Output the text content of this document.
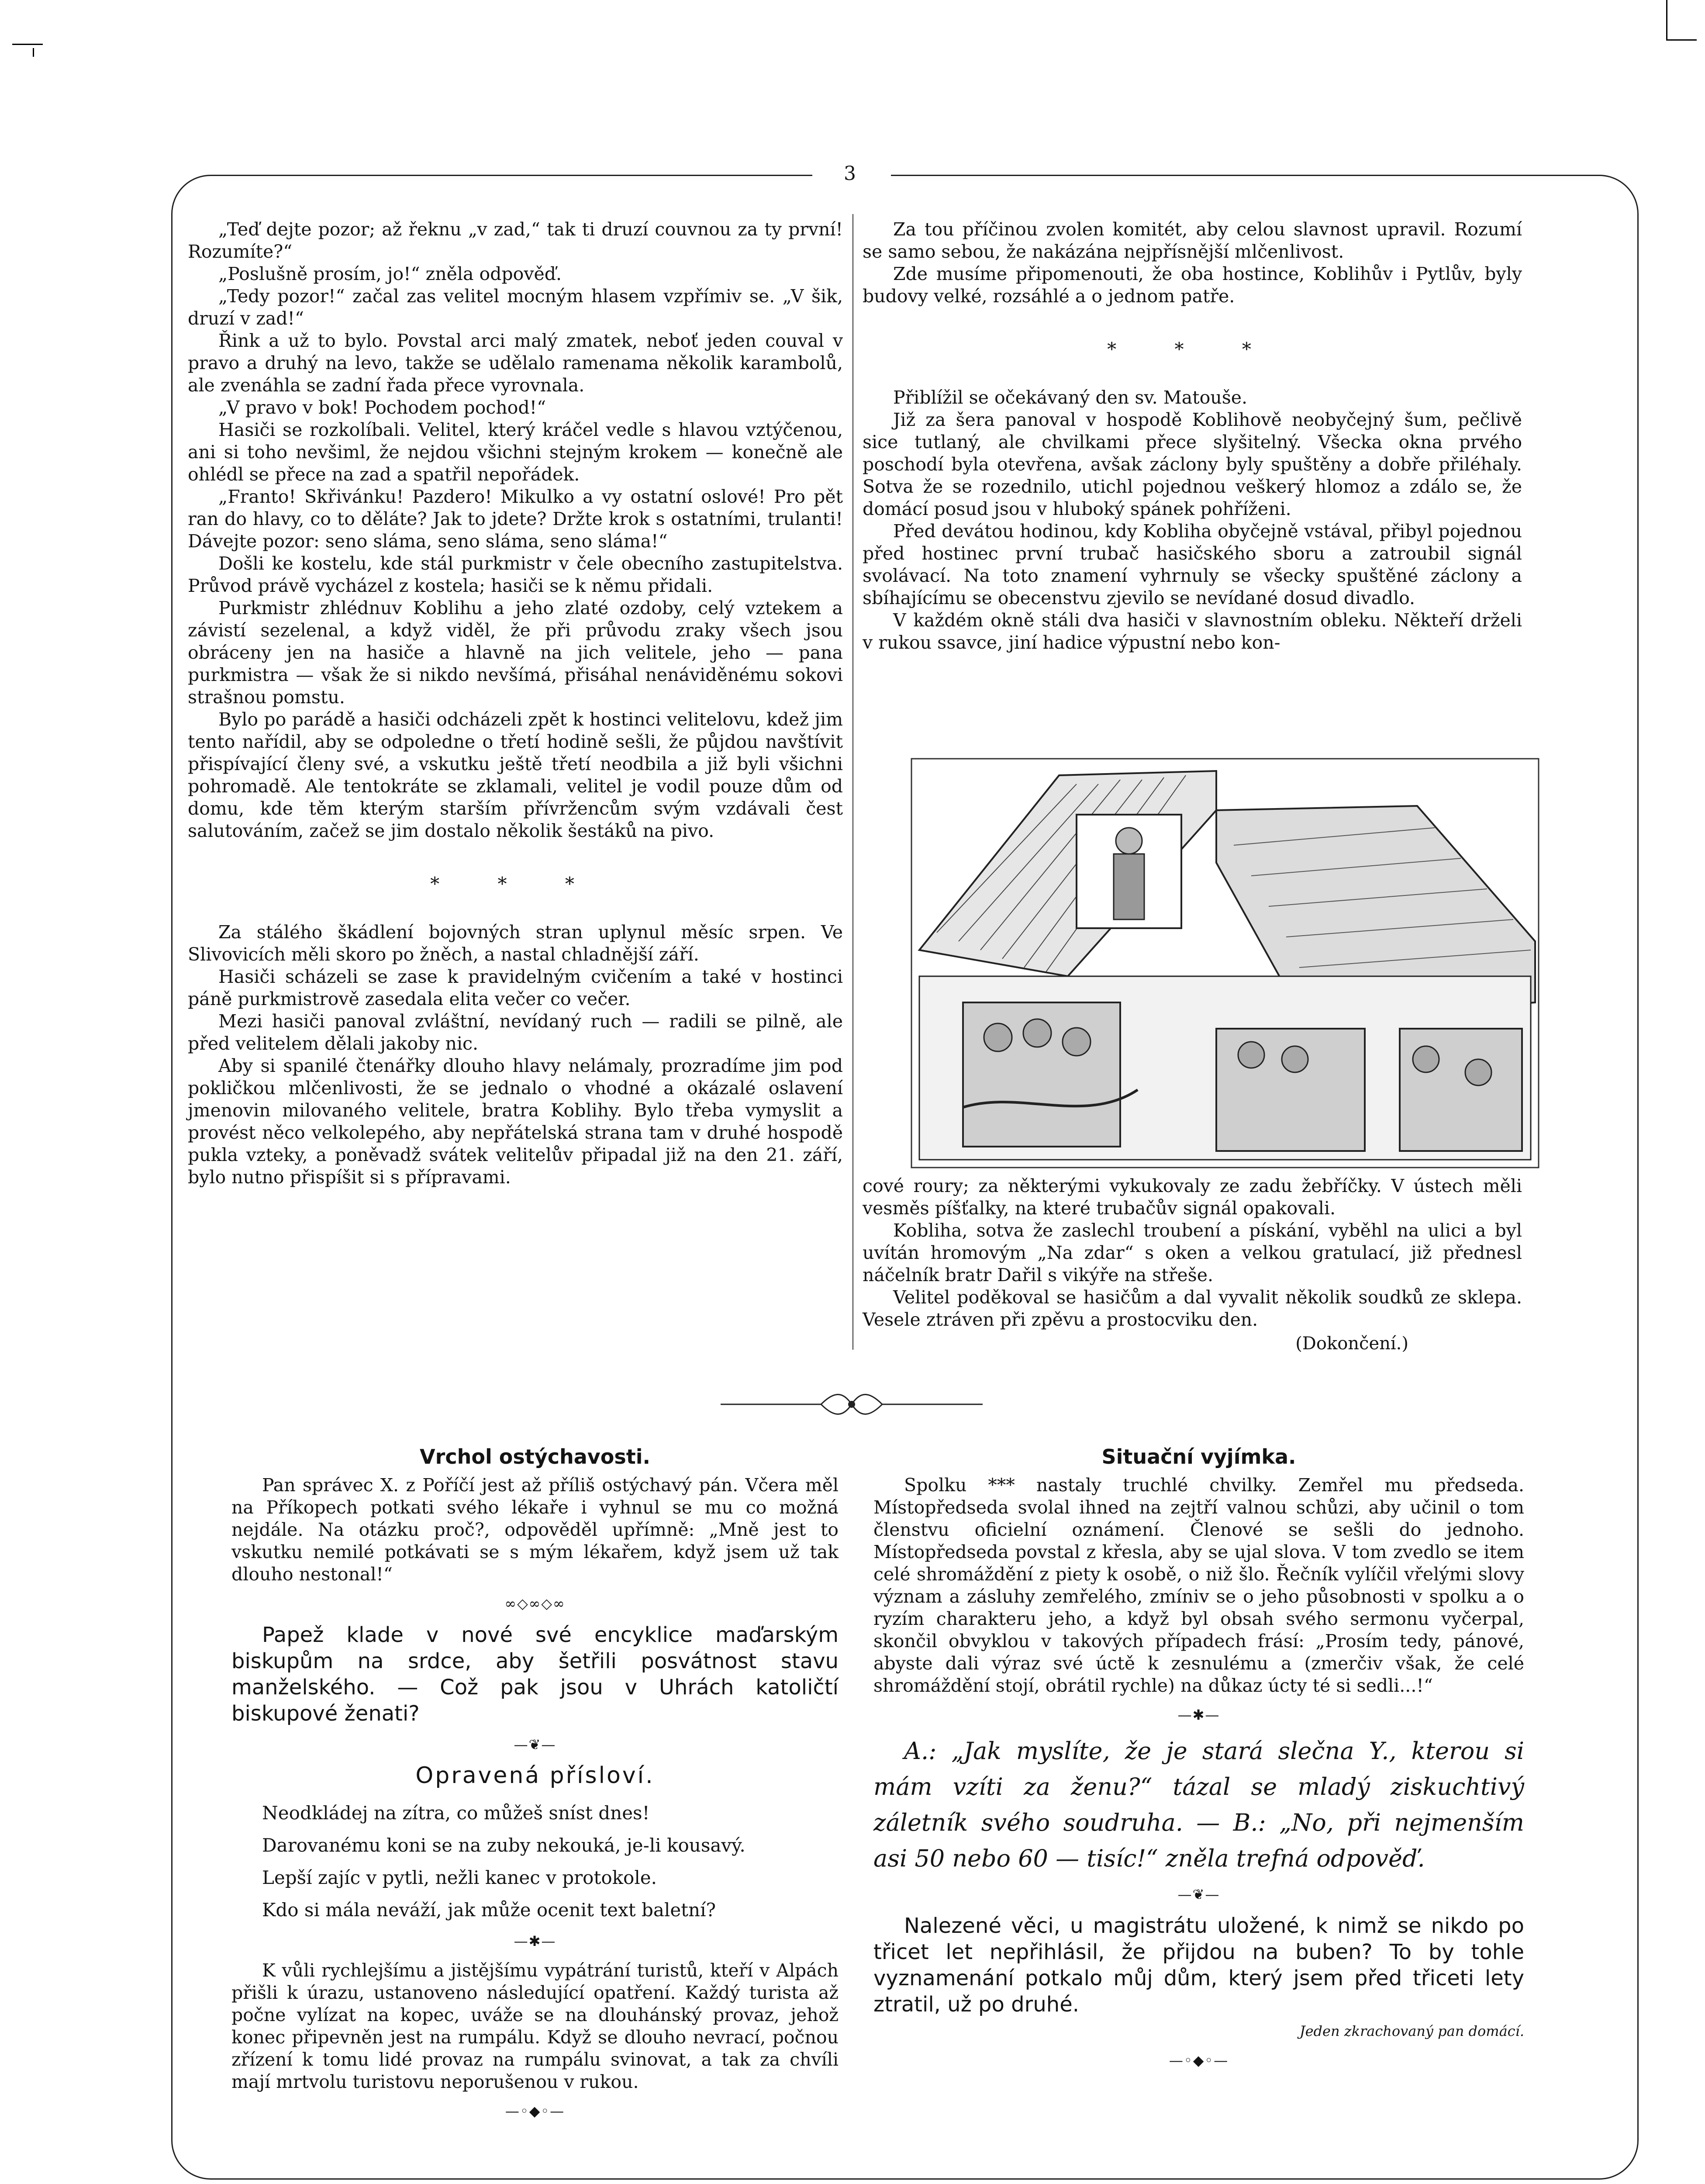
3

„Teď dejte pozor; až řeknu „v zad,“ tak ti druzí couvnou za ty první! Rozumíte?“

„Poslušně prosím, jo!“ zněla odpověď.

„Tedy pozor!“ začal zas velitel mocným hlasem vzpřímiv se. „V šik, druzí v zad!“

Řink a už to bylo. Povstal arci malý zmatek, neboť jeden couval v pravo a druhý na levo, takže se udělalo ramenama několik karambolů, ale zvenáhla se zadní řada přece vyrovnala.

„V pravo v bok! Pochodem pochod!“

Hasiči se rozkolíbali. Velitel, který kráčel vedle s hlavou vztýčenou, ani si toho nevšiml, že nejdou všichni stejným krokem — konečně ale ohlédl se přece na zad a spatřil nepořádek.

„Franto! Skřivánku! Pazdero! Mikulko a vy ostatní oslové! Pro pět ran do hlavy, co to děláte? Jak to jdete? Držte krok s ostatními, trulanti! Dávejte pozor: seno sláma, seno sláma, seno sláma!“

Došli ke kostelu, kde stál purkmistr v čele obecního zastupitelstva. Průvod právě vycházel z kostela; hasiči se k němu přidali.

Purkmistr zhlédnuv Koblihu a jeho zlaté ozdoby, celý vztekem a závistí sezelenal, a když viděl, že při průvodu zraky všech jsou obráceny jen na hasiče a hlavně na jich velitele, jeho — pana purkmistra — však že si nikdo nevšímá, přisáhal nenáviděnému sokovi strašnou pomstu.

Bylo po parádě a hasiči odcházeli zpět k hostinci velitelovu, kdež jim tento nařídil, aby se odpoledne o třetí hodině sešli, že půjdou navštívit přispívající členy své, a vskutku ještě třetí neodbila a již byli všichni pohromadě. Ale tentokráte se zklamali, velitel je vodil pouze dům od domu, kde těm kterým starším přívržencům svým vzdávali čest salutováním, začež se jim dostalo několik šestáků na pivo.

* * *

Za stálého škádlení bojovných stran uplynul měsíc srpen. Ve Slivovicích měli skoro po žněch, a nastal chladnější září.

Hasiči scházeli se zase k pravidelným cvičením a také v hostinci páně purkmistrově zasedala elita večer co večer.

Mezi hasiči panoval zvláštní, nevídaný ruch — radili se pilně, ale před velitelem dělali jakoby nic.

Aby si spanilé čtenářky dlouho hlavy nelámaly, prozradíme jim pod pokličkou mlčenlivosti, že se jednalo o vhodné a okázalé oslavení jmenovin milovaného velitele, bratra Koblihy. Bylo třeba vymyslit a provést něco velkolepého, aby nepřátelská strana tam v druhé hospodě pukla vzteky, a poněvadž svátek velitelův připadal již na den 21. září, bylo nutno přispíšit si s přípravami.

Za tou příčinou zvolen komitét, aby celou slavnost upravil. Rozumí se samo sebou, že nakázána nejpřísnější mlčenlivost.

Zde musíme připomenouti, že oba hostince, Koblihův i Pytlův, byly budovy velké, rozsáhlé a o jednom patře.

* * *

Přiblížil se očekávaný den sv. Matouše.

Již za šera panoval v hospodě Koblihově neobyčejný šum, pečlivě sice tutlaný, ale chvilkami přece slyšitelný. Všecka okna prvého poschodí byla otevřena, avšak záclony byly spuštěny a dobře přiléhaly. Sotva že se rozednilo, utichl pojednou veškerý hlomoz a zdálo se, že domácí posud jsou v hluboký spánek pohříženi.

Před devátou hodinou, kdy Kobliha obyčejně vstával, přibyl pojednou před hostinec první trubač hasičského sboru a zatroubil signál svolávací. Na toto znamení vyhrnuly se všecky spuštěné záclony a sbíhajícímu se obecenstvu zjevilo se nevídané dosud divadlo.

V každém okně stáli dva hasiči v slavnostním obleku. Někteří drželi v rukou ssavce, jiní hadice výpustní nebo kon-

cové roury; za některými vykukovaly ze zadu žebříčky. V ústech měli vesměs píšťalky, na které trubačův signál opakovali.

Kobliha, sotva že zaslechl troubení a pískání, vyběhl na ulici a byl uvítán hromovým „Na zdar“ s oken a velkou gratulací, již přednesl náčelník bratr Dařil s vikýře na střeše.

Velitel poděkoval se hasičům a dal vyvalit několik soudků ze sklepa. Vesele ztráven při zpěvu a prostocviku den.

(Dokončení.)
Vrchol ostýchavosti.

Pan správec X. z Poříčí jest až příliš ostýchavý pán. Včera měl na Příkopech potkati svého lékaře i vyhnul se mu co možná nejdále. Na otázku proč?, odpověděl upřímně: „Mně jest to vskutku nemilé potkávati se s mým lékařem, když jsem už tak dlouho nestonal!“

∞◇∞◇∞

Papež klade v nové své encyklice maďarským biskupům na srdce, aby šetřili posvátnost stavu manželského. — Což pak jsou v Uhrách katoličtí biskupové ženati?

—❦—
Opravená přísloví.

Neodkládej na zítra, co můžeš sníst dnes!

Darovanému koni se na zuby nekouká, je-li kousavý.

Lepší zajíc v pytli, nežli kanec v protokole.

Kdo si mála neváží, jak může ocenit text baletní?

—✱—

K vůli rychlejšímu a jistějšímu vypátrání turistů, kteří v Alpách přišli k úrazu, ustanoveno následující opatření. Každý turista až počne vylízat na kopec, uváže se na dlouhánský provaz, jehož konec připevněn jest na rumpálu. Když se dlouho nevrací, počnou zřízení k tomu lidé provaz na rumpálu svinovat, a tak za chvíli mají mrtvolu turistovu neporušenou v rukou.

—◦◆◦—
Situační vyjímka.

Spolku *** nastaly truchlé chvilky. Zemřel mu předseda. Místopředseda svolal ihned na zejtří valnou schůzi, aby učinil o tom členstvu oficielní oznámení. Členové se sešli do jednoho. Místopředseda povstal z křesla, aby se ujal slova. V tom zvedlo se item celé shromáždění z piety k osobě, o niž šlo. Řečník vylíčil vřelými slovy význam a zásluhy zemřelého, zmíniv se o jeho působnosti v spolku a o ryzím charakteru jeho, a když byl obsah svého sermonu vyčerpal, skončil obvyklou v takových případech frásí: „Prosím tedy, pánové, abyste dali výraz své úctě k zesnulému a (zmerčiv však, že celé shromáždění stojí, obrátil rychle) na důkaz úcty té si sedli...!“

—✱—

A.: „Jak myslíte, že je stará slečna Y., kterou si mám vzíti za ženu?“ tázal se mladý ziskuchtivý záletník svého soudruha. — B.: „No, při nejmenším asi 50 nebo 60 — tisíc!“ zněla trefná odpověď.

—❦—

Nalezené věci, u magistrátu uložené, k nimž se nikdo po třicet let nepřihlásil, že přijdou na buben? To by tohle vyznamenání potkalo můj dům, který jsem před třiceti lety ztratil, už po druhé.

Jeden zkrachovaný pan domácí.
—◦◆◦—
